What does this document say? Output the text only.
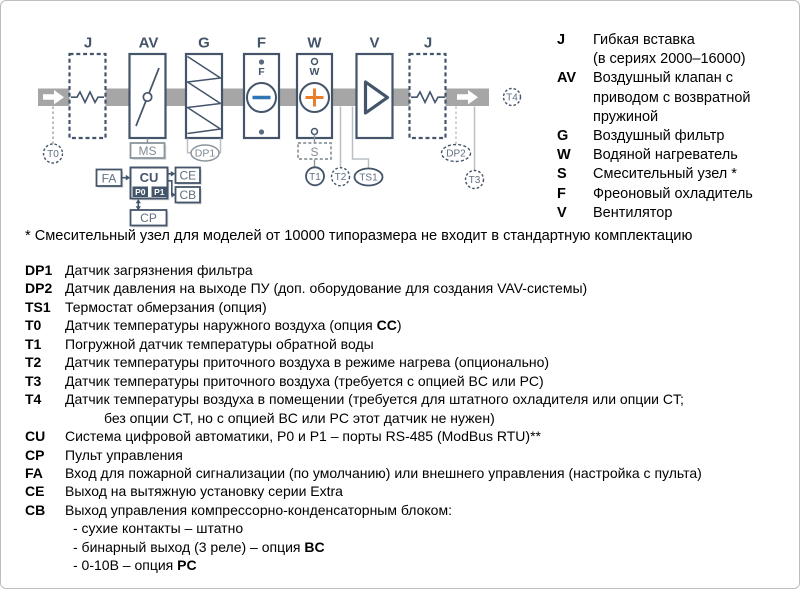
J	AV	G	F	W	V	J
MS	DP1
F	W
S
T1 T2 TS1
DP2
T3
T4
T0
FA CU
P0 P1
CE
CB
CP
J	Гибкая вставка
(в сериях 2000–16000)
AV	Воздушный клапан с
приводом с возвратной
пружиной
G	Воздушный фильтр
W	Водяной нагреватель
S	Смесительный узел *
F	Фреоновый охладитель
V	Вентилятор
* Смесительный узел для моделей от 10000 типоразмера не входит в стандартную комплектацию
DP1 Датчик загрязнения фильтра
DP2 Датчик давления на выходе ПУ (доп. оборудование для создания VAV-системы)
TS1	Термостат обмерзания (опция)
T0	Датчик температуры наружного воздуха (опция CC)
T1	Погружной датчик температуры обратной воды
T2	Датчик температуры приточного воздуха в режиме нагрева (опционально)
T3	Датчик температуры приточного воздуха (требуется с опцией BC или PC)
T4	Датчик температуры воздуха в помещении (требуется для штатного охладителя или опции CT;
без опции CT, но с опцией BC или PC этот датчик не нужен)
CU	Система цифровой автоматики, P0 и P1 – порты RS-485 (ModBus RTU)**
CP	Пульт управления
FA	Вход для пожарной сигнализации (по умолчанию) или внешнего управления (настройка с пульта)
CE	Выход на вытяжную установку серии Extra
CB	Выход управления компрессорно-конденсаторным блоком:
- сухие контакты – штатно
- бинарный выход (3 реле) – опция BC
- 0-10В – опция PC
